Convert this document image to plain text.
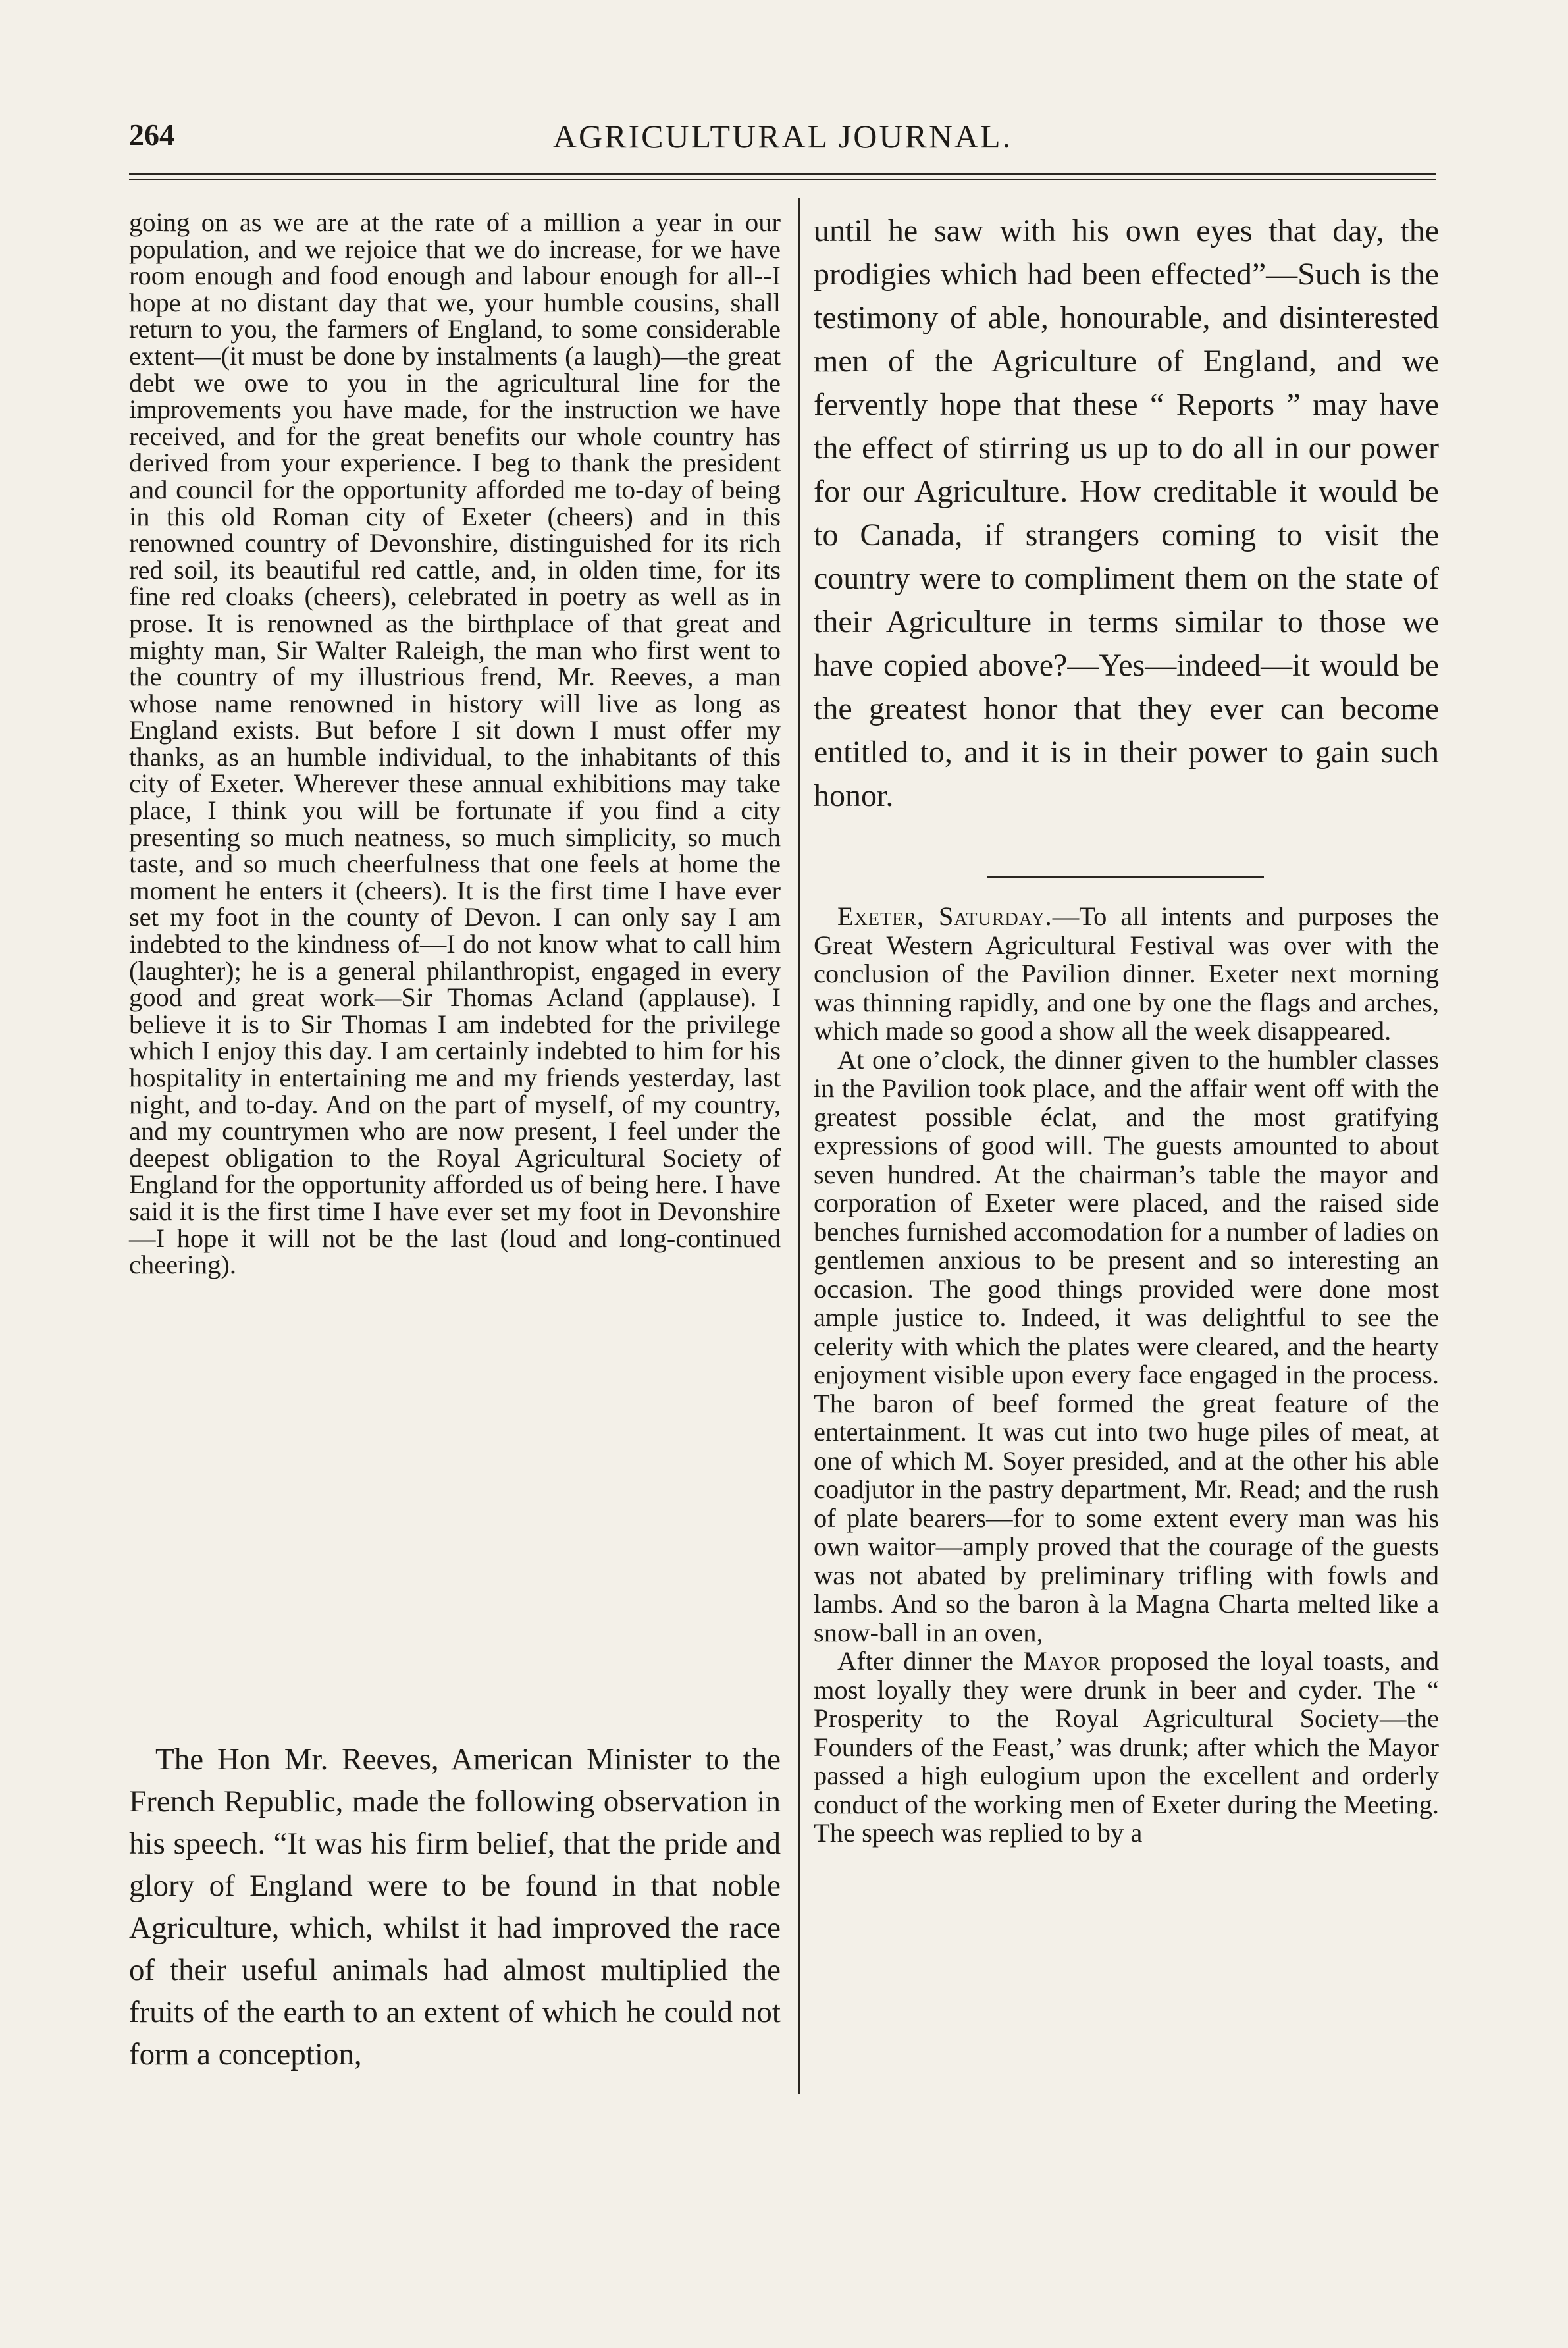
264	AGRICULTURAL JOURNAL.

going on as we are at the rate of a million a year in our population, and we rejoice that we do increase, for we have room enough and food enough and labour enough for all--I hope at no distant day that we, your humble cousins, shall return to you, the farmers of England, to some considerable extent—(it must be done by instalments (a laugh)—the great debt we owe to you in the agricultural line for the improvements you have made, for the instruction we have received, and for the great benefits our whole country has derived from your experience. I beg to thank the president and council for the opportunity afforded me to-day of being in this old Roman city of Exeter (cheers) and in this renowned country of Devonshire, distinguished for its rich red soil, its beautiful red cattle, and, in olden time, for its fine red cloaks (cheers), celebrated in poetry as well as in prose. It is renowned as the birthplace of that great and mighty man, Sir Walter Raleigh, the man who first went to the country of my illustrious frend, Mr. Reeves, a man whose name renowned in history will live as long as England exists. But before I sit down I must offer my thanks, as an humble individual, to the inhabitants of this city of Exeter. Wherever these annual exhibitions may take place, I think you will be fortunate if you find a city presenting so much neatness, so much simplicity, so much taste, and so much cheerfulness that one feels at home the moment he enters it (cheers). It is the first time I have ever set my foot in the county of Devon. I can only say I am indebted to the kindness of—I do not know what to call him (laughter); he is a general philanthropist, engaged in every good and great work—Sir Thomas Acland (applause). I believe it is to Sir Thomas I am indebted for the privilege which I enjoy this day. I am certainly indebted to him for his hospitality in entertaining me and my friends yesterday, last night, and to-day. And on the part of myself, of my country, and my countrymen who are now present, I feel under the deepest obligation to the Royal Agricultural Society of England for the opportunity afforded us of being here. I have said it is the first time I have ever set my foot in Devonshire —I hope it will not be the last (loud and long-continued cheering).

The Hon Mr. Reeves, American Minister to the French Republic, made the following observation in his speech. “It was his firm belief, that the pride and glory of England were to be found in that noble Agriculture, which, whilst it had improved the race of their useful animals had almost multiplied the fruits of the earth to an extent of which he could not form a conception,

until he saw with his own eyes that day, the prodigies which had been effected”—Such is the testimony of able, honourable, and disinterested men of the Agriculture of England, and we fervently hope that these “ Reports ” may have the effect of stirring us up to do all in our power for our Agriculture. How creditable it would be to Canada, if strangers coming to visit the country were to compliment them on the state of their Agriculture in terms similar to those we have copied above?—Yes—indeed—it would be the greatest honor that they ever can become entitled to, and it is in their power to gain such honor.

Exeter, Saturday.—To all intents and purposes the Great Western Agricultural Festival was over with the conclusion of the Pavilion dinner. Exeter next morning was thinning rapidly, and one by one the flags and arches, which made so good a show all the week disappeared.

At one o’clock, the dinner given to the humbler classes in the Pavilion took place, and the affair went off with the greatest possible éclat, and the most gratifying expressions of good will. The guests amounted to about seven hundred. At the chairman’s table the mayor and corporation of Exeter were placed, and the raised side benches furnished accomodation for a number of ladies on gentlemen anxious to be present and so interesting an occasion. The good things provided were done most ample justice to. Indeed, it was delightful to see the celerity with which the plates were cleared, and the hearty enjoyment visible upon every face engaged in the process. The baron of beef formed the great feature of the entertainment. It was cut into two huge piles of meat, at one of which M. Soyer presided, and at the other his able coadjutor in the pastry department, Mr. Read; and the rush of plate bearers—for to some extent every man was his own waitor—amply proved that the courage of the guests was not abated by preliminary trifling with fowls and lambs. And so the baron à la Magna Charta melted like a snow-ball in an oven,

After dinner the Mayor proposed the loyal toasts, and most loyally they were drunk in beer and cyder. The “ Prosperity to the Royal Agricultural Society—the Founders of the Feast,’ was drunk; after which the Mayor passed a high eulogium upon the excellent and orderly conduct of the working men of Exeter during the Meeting. The speech was replied to by a
